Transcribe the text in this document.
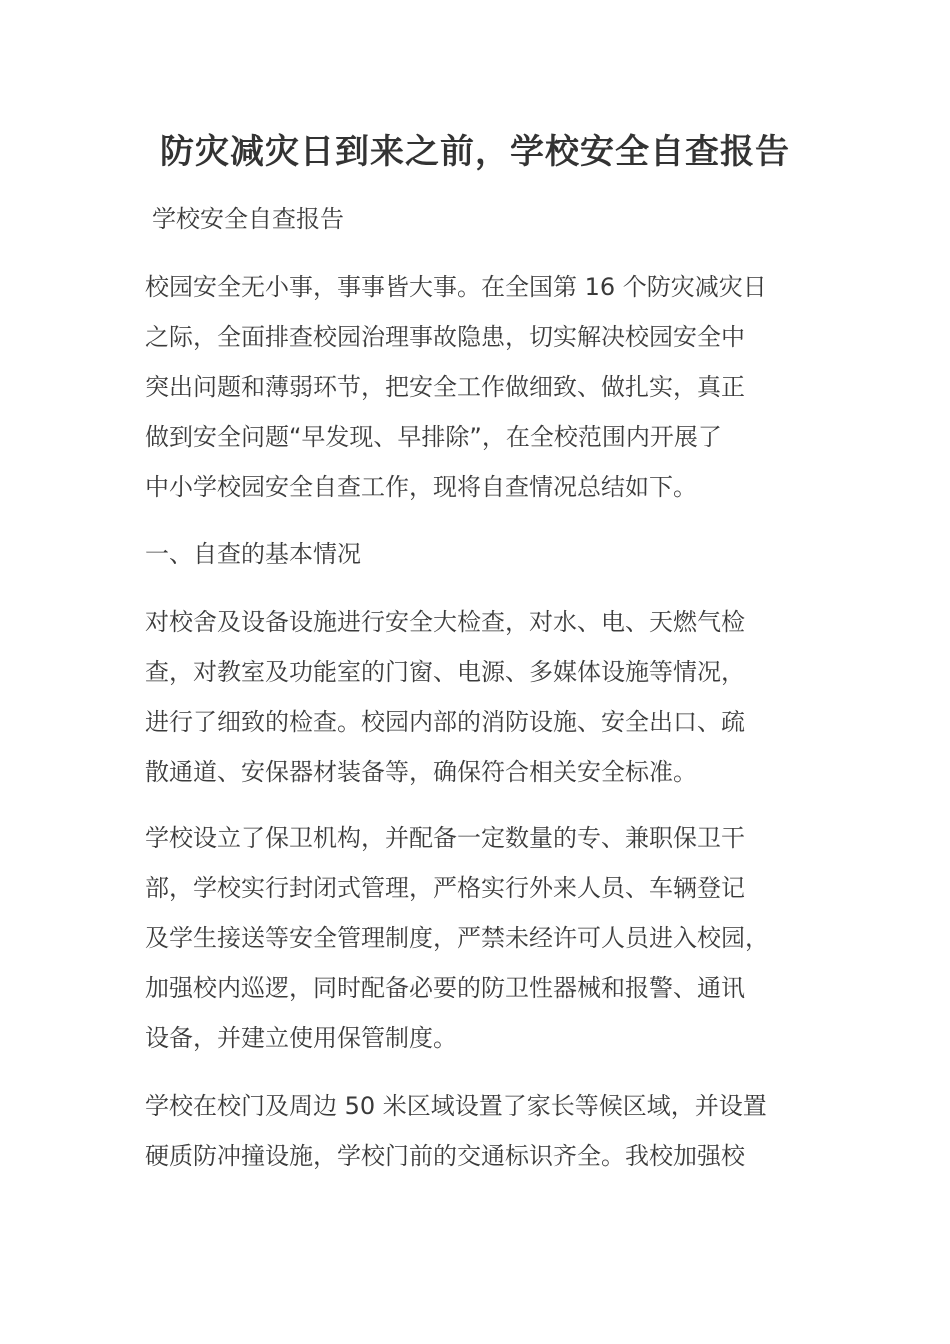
防灾减灾日到来之前，学校安全自查报告

学校安全自查报告

校园安全无小事，事事皆大事。在全国第 16 个防灾减灾日
之际，全面排查校园治理事故隐患，切实解决校园安全中
突出问题和薄弱环节，把安全工作做细致、做扎实，真正
做到安全问题“早发现、早排除”，在全校范围内开展了
中小学校园安全自查工作，现将自查情况总结如下。
一、自查的基本情况
对校舍及设备设施进行安全大检查，对水、电、天燃气检
查，对教室及功能室的门窗、电源、多媒体设施等情况，
进行了细致的检查。校园内部的消防设施、安全出口、疏
散通道、安保器材装备等，确保符合相关安全标准。
学校设立了保卫机构，并配备一定数量的专、兼职保卫干
部，学校实行封闭式管理，严格实行外来人员、车辆登记
及学生接送等安全管理制度，严禁未经许可人员进入校园，
加强校内巡逻，同时配备必要的防卫性器械和报警、通讯
设备，并建立使用保管制度。
学校在校门及周边 50 米区域设置了家长等候区域，并设置
硬质防冲撞设施，学校门前的交通标识齐全。我校加强校
